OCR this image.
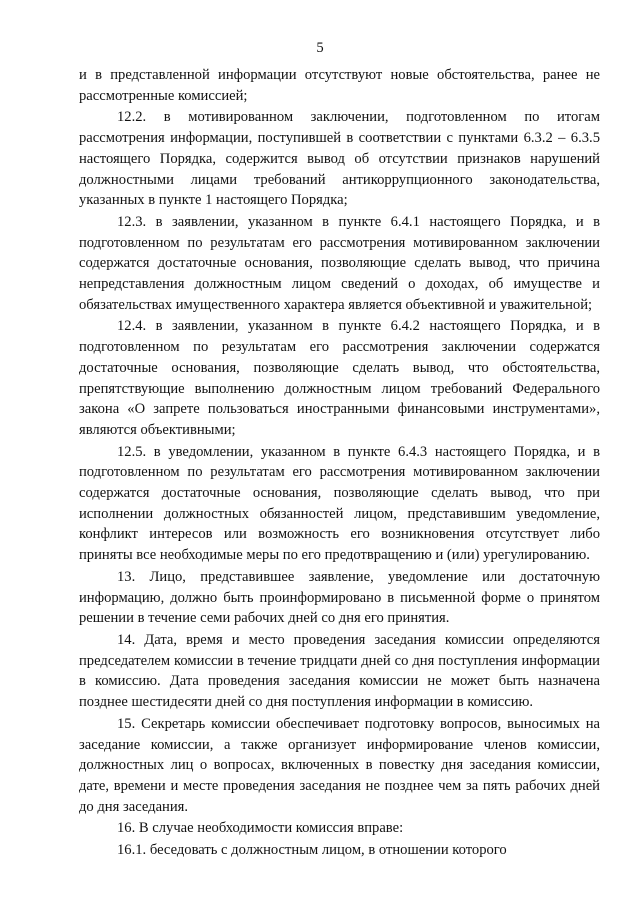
5

и в представленной информации отсутствуют новые обстоятельства, ранее не рассмотренные комиссией;

12.2. в мотивированном заключении, подготовленном по итогам рассмотрения информации, поступившей в соответствии с пунктами 6.3.2 – 6.3.5 настоящего Порядка, содержится вывод об отсутствии признаков нарушений должностными лицами требований антикоррупционного законодательства, указанных в пункте 1 настоящего Порядка;

12.3. в заявлении, указанном в пункте 6.4.1 настоящего Порядка, и в подготовленном по результатам его рассмотрения мотивированном заключении содержатся достаточные основания, позволяющие сделать вывод, что причина непредставления должностным лицом сведений о доходах, об имуществе и обязательствах имущественного характера является объективной и уважительной;

12.4. в заявлении, указанном в пункте 6.4.2 настоящего Порядка, и в подготовленном по результатам его рассмотрения заключении содержатся достаточные основания, позволяющие сделать вывод, что обстоятельства, препятствующие выполнению должностным лицом требований Федерального закона «О запрете пользоваться иностранными финансовыми инструментами», являются объективными;

12.5. в уведомлении, указанном в пункте 6.4.3 настоящего Порядка, и в подготовленном по результатам его рассмотрения мотивированном заключении содержатся достаточные основания, позволяющие сделать вывод, что при исполнении должностных обязанностей лицом, представившим уведомление, конфликт интересов или возможность его возникновения отсутствует либо приняты все необходимые меры по его предотвращению и (или) урегулированию.

13. Лицо, представившее заявление, уведомление или достаточную информацию, должно быть проинформировано в письменной форме о принятом решении в течение семи рабочих дней со дня его принятия.

14. Дата, время и место проведения заседания комиссии определяются председателем комиссии в течение тридцати дней со дня поступления информации в комиссию. Дата проведения заседания комиссии не может быть назначена позднее шестидесяти дней со дня поступления информации в комиссию.

15. Секретарь комиссии обеспечивает подготовку вопросов, выносимых на заседание комиссии, а также организует информирование членов комиссии, должностных лиц о вопросах, включенных в повестку дня заседания комиссии, дате, времени и месте проведения заседания не позднее чем за пять рабочих дней до дня заседания.

16. В случае необходимости комиссия вправе:

16.1. беседовать с должностным лицом, в отношении которого
